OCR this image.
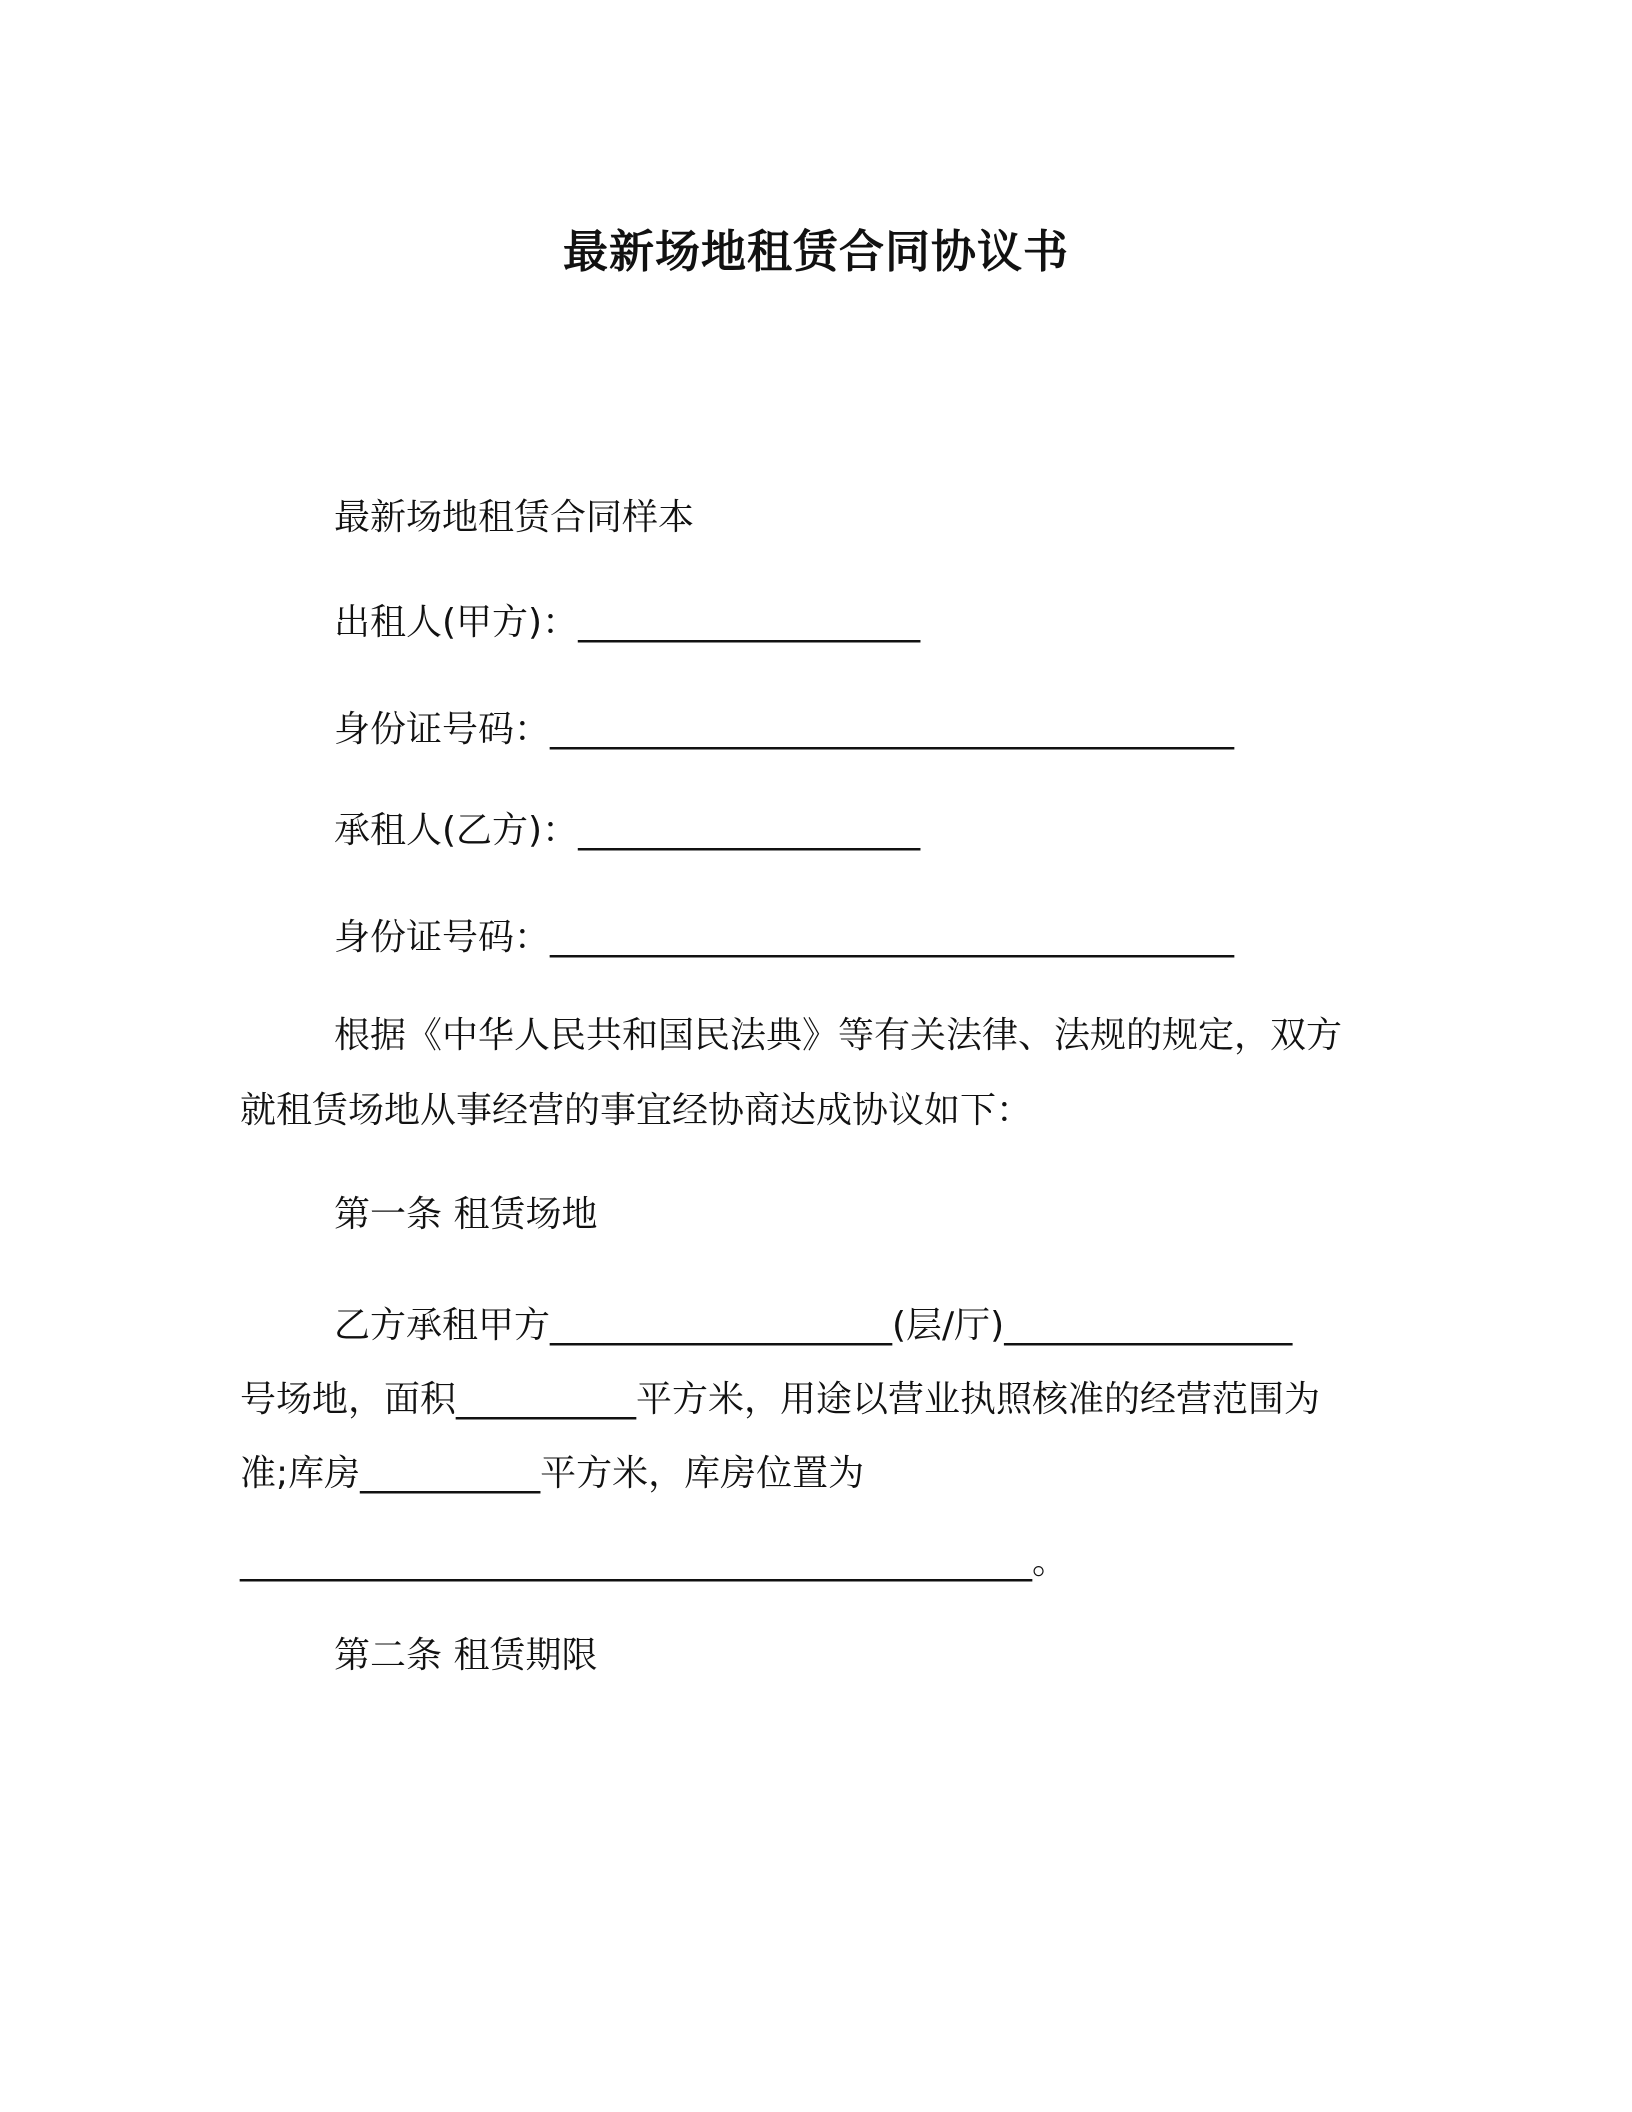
最新场地租赁合同协议书
最新场地租赁合同样本
出租人(甲方)：___________________
身份证号码：______________________________________
承租人(乙方)：___________________
身份证号码：______________________________________
根据《中华人民共和国民法典》等有关法律、法规的规定，双方
就租赁场地从事经营的事宜经协商达成协议如下：
第一条 租赁场地
乙方承租甲方___________________(层/厅)________________
号场地，面积__________平方米，用途以营业执照核准的经营范围为
准;库房__________平方米，库房位置为
____________________________________________。
第二条 租赁期限
